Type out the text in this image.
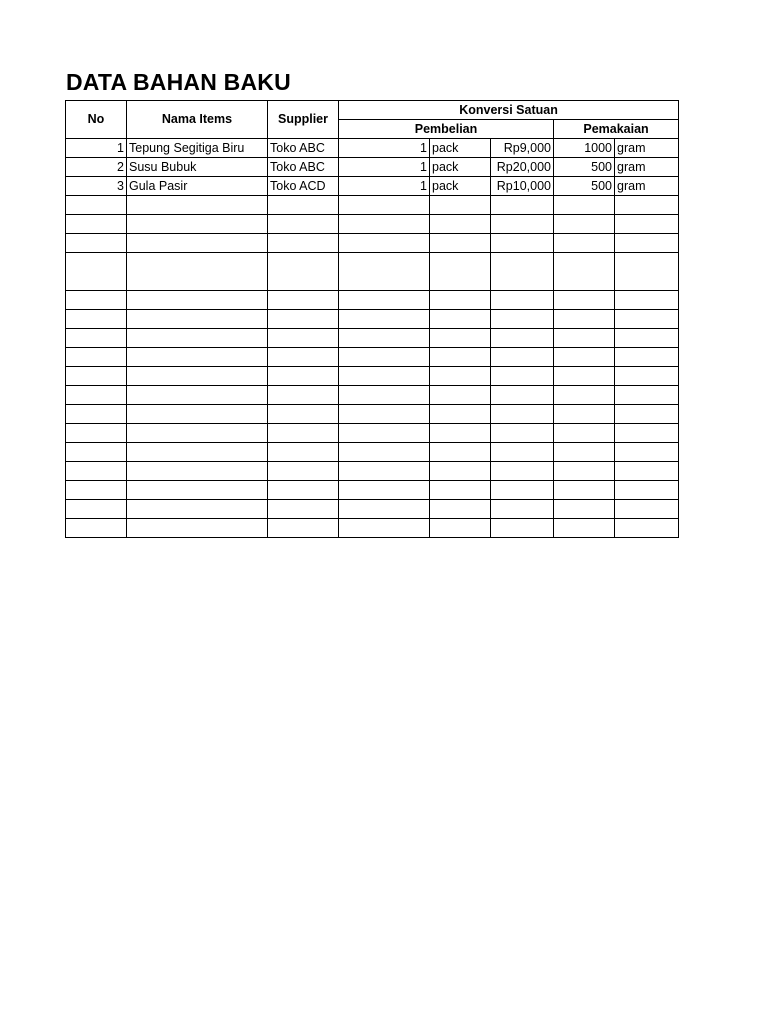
DATA BAHAN BAKU
No	Nama Items	Supplier	Konversi Satuan				
			Pembelian			Pemakaian	
1	Tepung Segitiga Biru	Toko ABC	1	pack	Rp9,000	1000	gram
2	Susu Bubuk	Toko ABC	1	pack	Rp20,000	500	gram
3	Gula Pasir	Toko ACD	1	pack	Rp10,000	500	gram
